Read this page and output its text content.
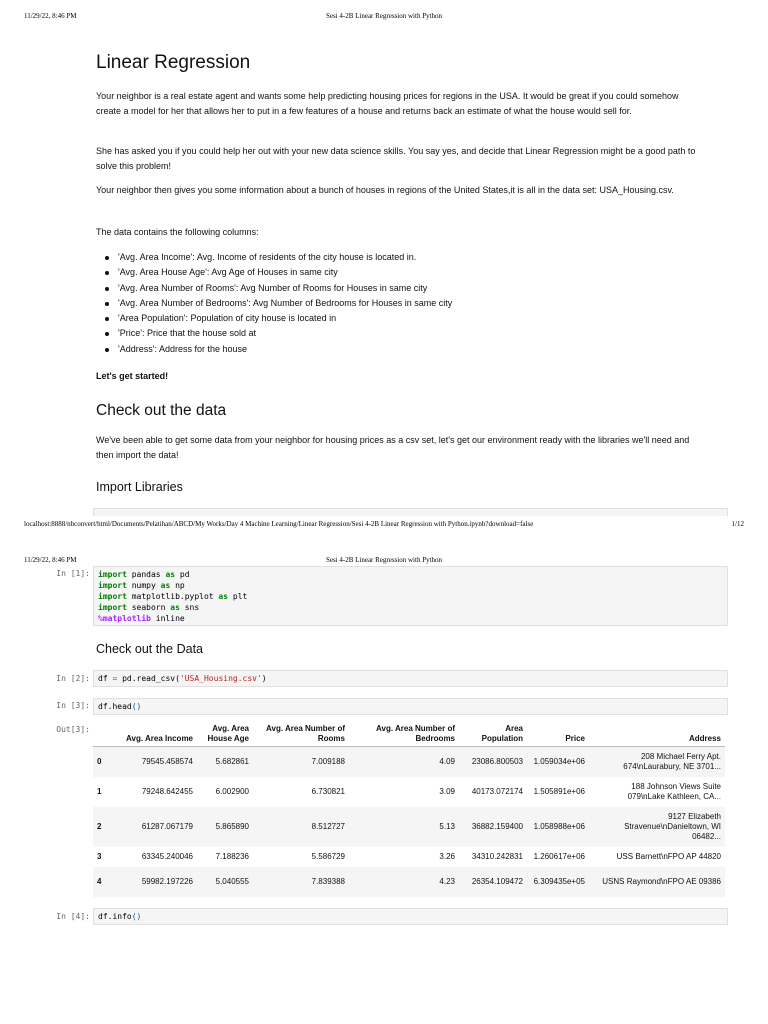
11/29/22, 8:46 PM	Sesi 4-2B Linear Regression with Python
Linear Regression

Your neighbor is a real estate agent and wants some help predicting housing prices for regions in the USA. It would be great if you could somehow create a model for her that allows her to put in a few features of a house and returns back an estimate of what the house would sell for.

She has asked you if you could help her out with your new data science skills. You say yes, and decide that Linear Regression might be a good path to solve this problem!

Your neighbor then gives you some information about a bunch of houses in regions of the United States,it is all in the data set: USA_Housing.csv.

The data contains the following columns:

'Avg. Area Income': Avg. Income of residents of the city house is located in.
'Avg. Area House Age': Avg Age of Houses in same city
'Avg. Area Number of Rooms': Avg Number of Rooms for Houses in same city
'Avg. Area Number of Bedrooms': Avg Number of Bedrooms for Houses in same city
'Area Population': Population of city house is located in
'Price': Price that the house sold at
'Address': Address for the house

Let's get started!

Check out the data

We've been able to get some data from your neighbor for housing prices as a csv set, let's get our environment ready with the libraries we'll need and then import the data!

Import Libraries
localhost:8888/nbconvert/html/Documents/Pelatihan/ABCD/My Works/Day 4 Machine Learning/Linear Regression/Sesi 4-2B Linear Regression with Python.ipynb?download=false	1/12
11/29/22, 8:46 PM	Sesi 4-2B Linear Regression with Python
In [1]: import pandas as pd
import numpy as np
import matplotlib.pyplot as plt
import seaborn as sns
%matplotlib inline
Check out the Data
In [2]: df = pd.read_csv('USA_Housing.csv')
In [3]: df.head()
Out[3]:
df.info()
In [4]:
	Avg. Area Income	Avg. Area House Age	Avg. Area Number of Rooms	Avg. Area Number of Bedrooms	Area Population	Price	Address
0	79545.458574	5.682861	7.009188	4.09	23086.800503	1.059034e+06	208 Michael Ferry Apt. 674\nLaurabury, NE 3701...
1	79248.642455	6.002900	6.730821	3.09	40173.072174	1.505891e+06	188 Johnson Views Suite 079\nLake Kathleen, CA...
2	61287.067179	5.865890	8.512727	5.13	36882.159400	1.058988e+06	9127 Elizabeth Stravenue\nDanieltown, WI 06482...
3	63345.240046	7.188236	5.586729	3.26	34310.242831	1.260617e+06	USS Barnett\nFPO AP 44820
4	59982.197226	5.040555	7.839388	4.23	26354.109472	6.309435e+05	USNS Raymond\nFPO AE 09386
